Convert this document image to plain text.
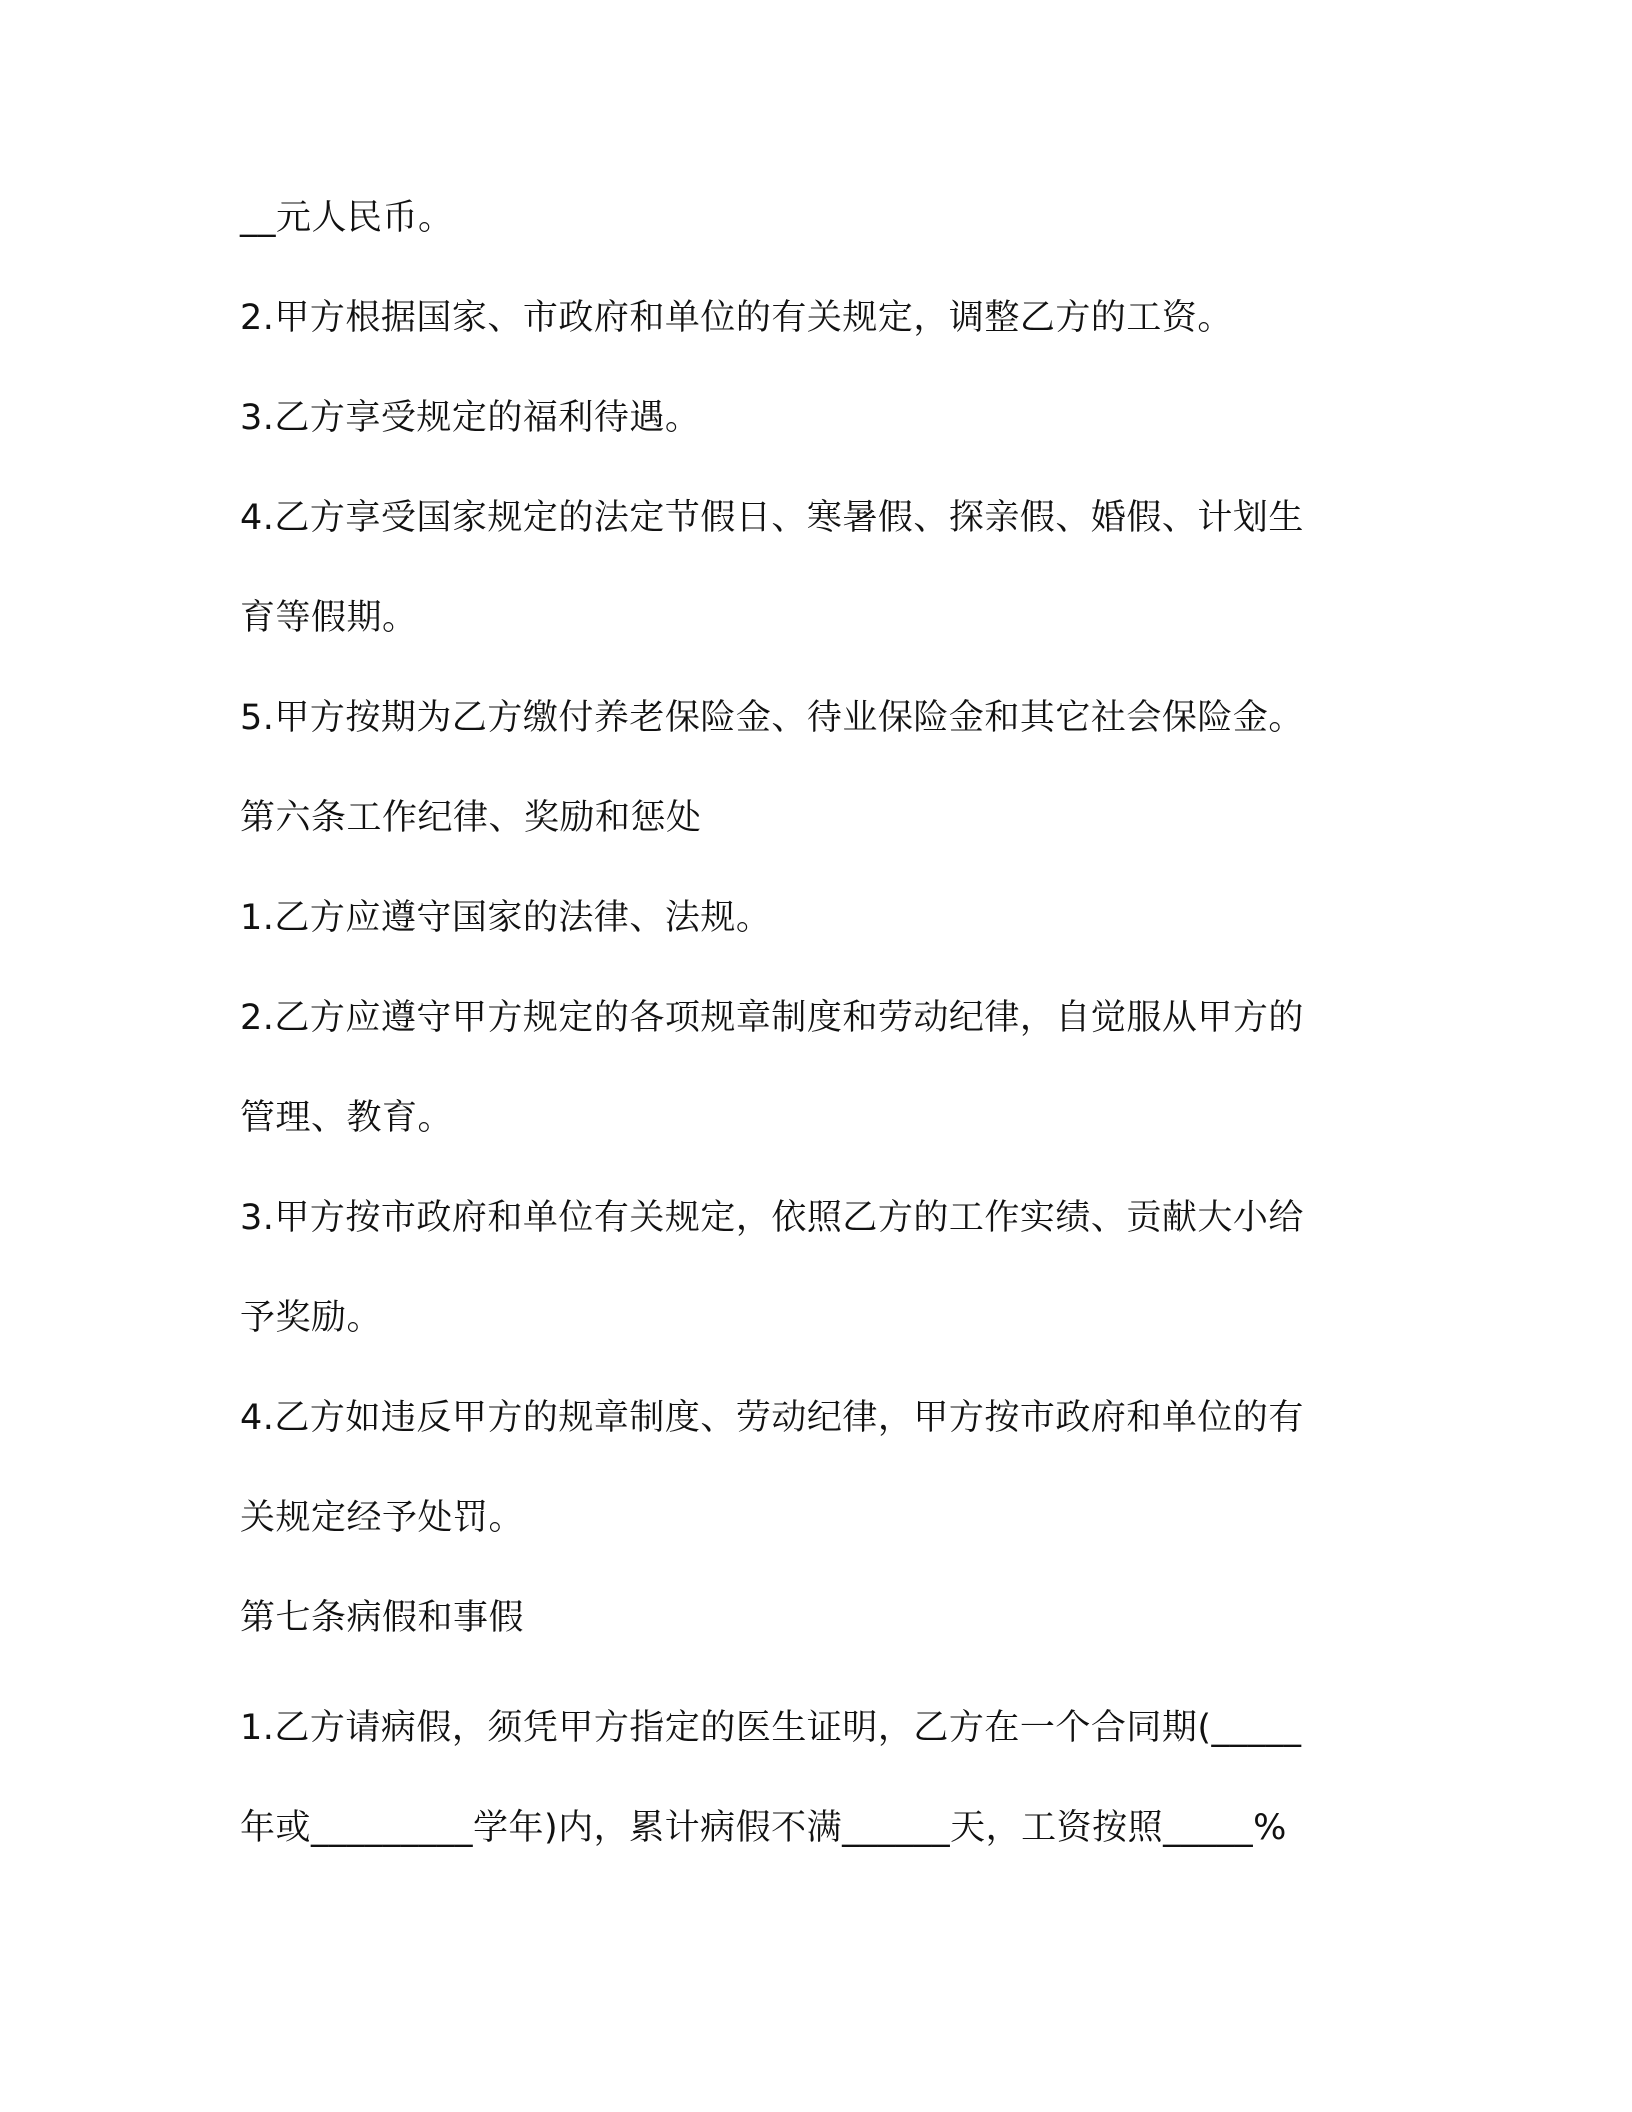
__元人民币。
2.甲方根据国家、市政府和单位的有关规定，调整乙方的工资。
3.乙方享受规定的福利待遇。
4.乙方享受国家规定的法定节假日、寒暑假、探亲假、婚假、计划生
育等假期。
5.甲方按期为乙方缴付养老保险金、待业保险金和其它社会保险金。
第六条工作纪律、奖励和惩处
1.乙方应遵守国家的法律、法规。
2.乙方应遵守甲方规定的各项规章制度和劳动纪律，自觉服从甲方的
管理、教育。
3.甲方按市政府和单位有关规定，依照乙方的工作实绩、贡献大小给
予奖励。
4.乙方如违反甲方的规章制度、劳动纪律，甲方按市政府和单位的有
关规定经予处罚。
第七条病假和事假
1.乙方请病假，须凭甲方指定的医生证明，乙方在一个合同期(_____
年或_________学年)内，累计病假不满______天，工资按照_____%
